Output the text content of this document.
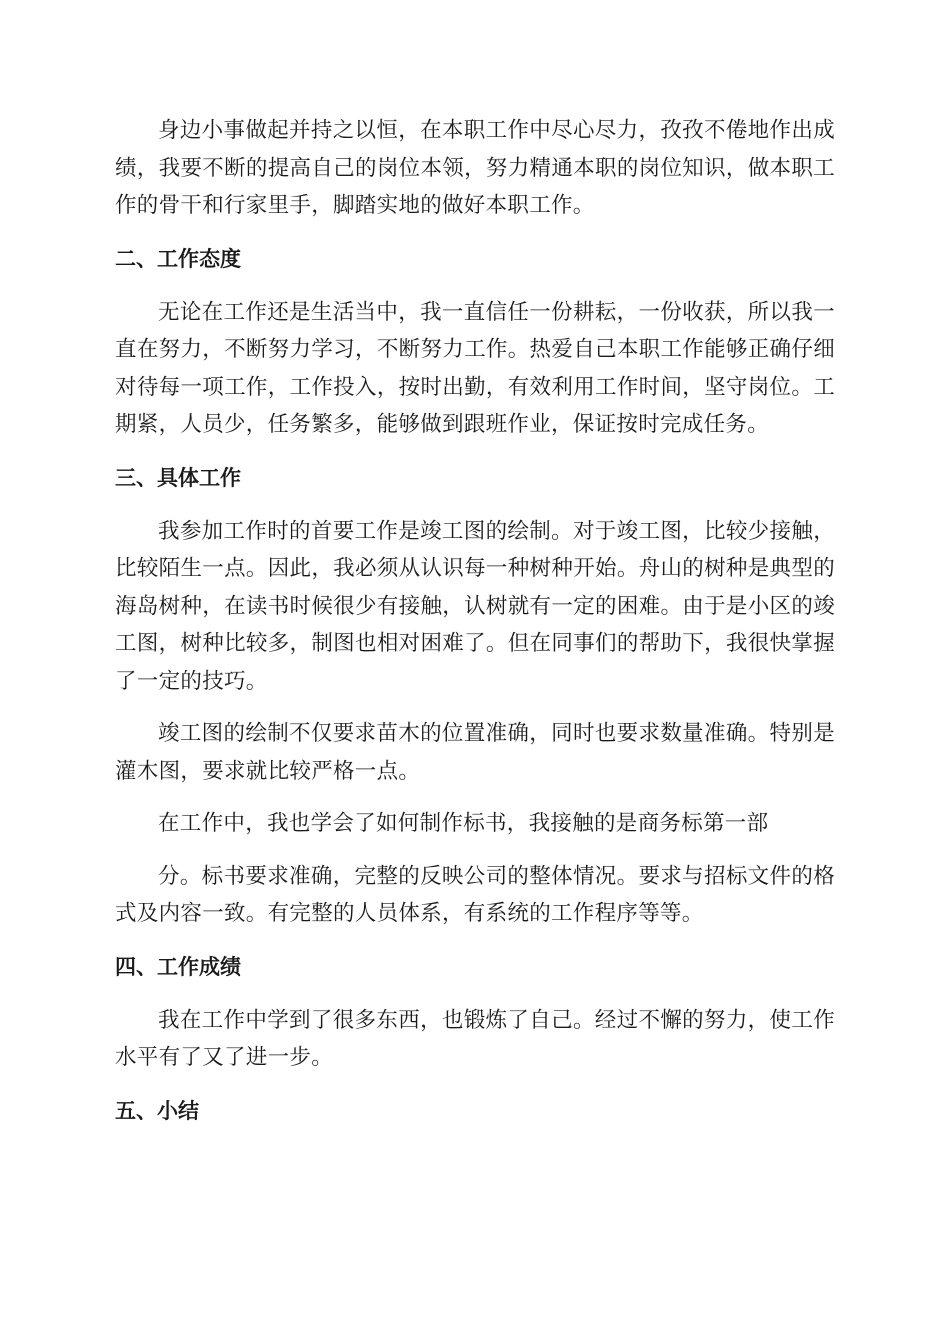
身边小事做起并持之以恒，在本职工作中尽心尽力，孜孜不倦地作出成绩，我要不断的提高自己的岗位本领，努力精通本职的岗位知识，做本职工作的骨干和行家里手，脚踏实地的做好本职工作。

二、工作态度

无论在工作还是生活当中，我一直信任一份耕耘，一份收获，所以我一直在努力，不断努力学习，不断努力工作。热爱自己本职工作能够正确仔细对待每一项工作，工作投入，按时出勤，有效利用工作时间，坚守岗位。工期紧，人员少，任务繁多，能够做到跟班作业，保证按时完成任务。

三、具体工作

我参加工作时的首要工作是竣工图的绘制。对于竣工图，比较少接触，比较陌生一点。因此，我必须从认识每一种树种开始。舟山的树种是典型的海岛树种，在读书时候很少有接触，认树就有一定的困难。由于是小区的竣工图，树种比较多，制图也相对困难了。但在同事们的帮助下，我很快掌握了一定的技巧。

竣工图的绘制不仅要求苗木的位置准确，同时也要求数量准确。特别是灌木图，要求就比较严格一点。

在工作中，我也学会了如何制作标书，我接触的是商务标第一部

分。标书要求准确，完整的反映公司的整体情况。要求与招标文件的格式及内容一致。有完整的人员体系，有系统的工作程序等等。

四、工作成绩

我在工作中学到了很多东西，也锻炼了自己。经过不懈的努力，使工作水平有了又了进一步。

五、小结
